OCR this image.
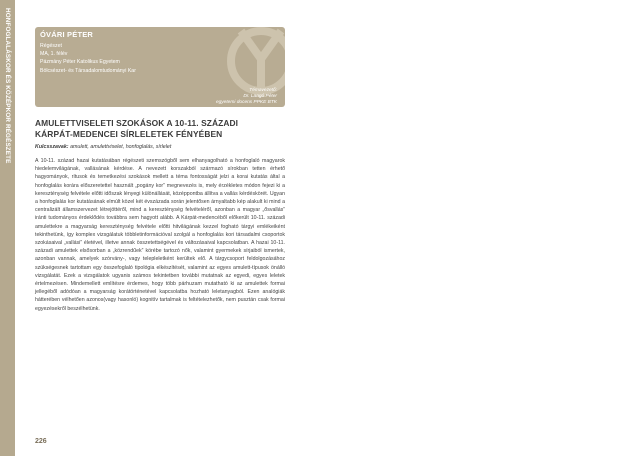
HONFOGLALÁSKOR ÉS KÖZÉPKOR RÉGÉSZETE	ÓVÁRI PÉTER
Régészet
MA, 1. félév
Pázmány Péter Katolikus Egyetem
Bölcsészet- és Társadalomtudományi Kar
Témavezető:
Dr. Langó Péter
egyetemi docens PPKE BTK
AMULETTVISELETI SZOKÁSOK A 10-11. SZÁZADI
KÁRPÁT-MEDENCEI SÍRLELETEK FÉNYÉBEN
Kulcsszavak: amulett, amulettviselet, honfoglalás, sírlelet

A 10-11. század hazai kutatásában régészeti szemszögből sem elhanyagolható a honfoglaló magyarok hiedelemvilágának, vallásának kérdése. A nevezett korszakból származó sírokban tetten érhető hagyományok, rítusok és temetkezési szokások mellett a téma fontosságát jelzi a korai kutatás által a honfoglalás korára előszeretettel használt „pogány kor” megnevezés is, mely érzékletes módon fejezi ki a kereszténység felvétele előtti időszak lényegi különállását, középpontba állítva a vallás kérdéskörét. Ugyan a honfoglalás kor kutatásának elmúlt közel két évszázada során jelentősen árnyaltabb kép alakult ki mind a centralizált államszervezet létrejöttéről, mind a kereszténység felvételéről, azonban a magyar „ősvallás” iránti tudományos érdeklődés továbbra sem hagyott alább. A Kárpát-medencéből előkerült 10-11. századi amulettekre a magyarság kereszténység felvétele előtti hitvilágának kezzel fogható tárgyi emlékeiként tekinthetünk, így komplex vizsgálatuk többletinformációval szolgál a honfoglalás kori társadalmi csoportok szokásaival „vallási” életével, illetve annak összetettségével és változásaival kapcsolatban. A hazai 10-11. századi amulettek elsősorban a „közrendűek” körébe tartozó nők, valamint gyermekek sírjaiból ismertek, azonban vannak, amelyek szórvány-, vagy telepleletként kerültek elő. A tárgycsoport feldolgozásához szükségesnek tartottam egy összefoglaló tipológia elkészítését, valamint az egyes amulett-típusok önálló vizsgálatát. Ezek a vizsgálatok ugyanis számos tekintetben további mutatnak az egyedi, egyes leletek értelmezésen. Mindemellett említésre érdemes, hogy több párhuzam mutatható ki az amulettek formai jellegéből adódóan a magyarság korátörténetével kapcsolatba hozható leletanyagból. Ezen analógiák hátterében vélhetően azonos(vagy hasonló) kognitív tartalmak is feltételezhetők, nem pusztán csak formai egyezésekről beszélhetünk.

226
